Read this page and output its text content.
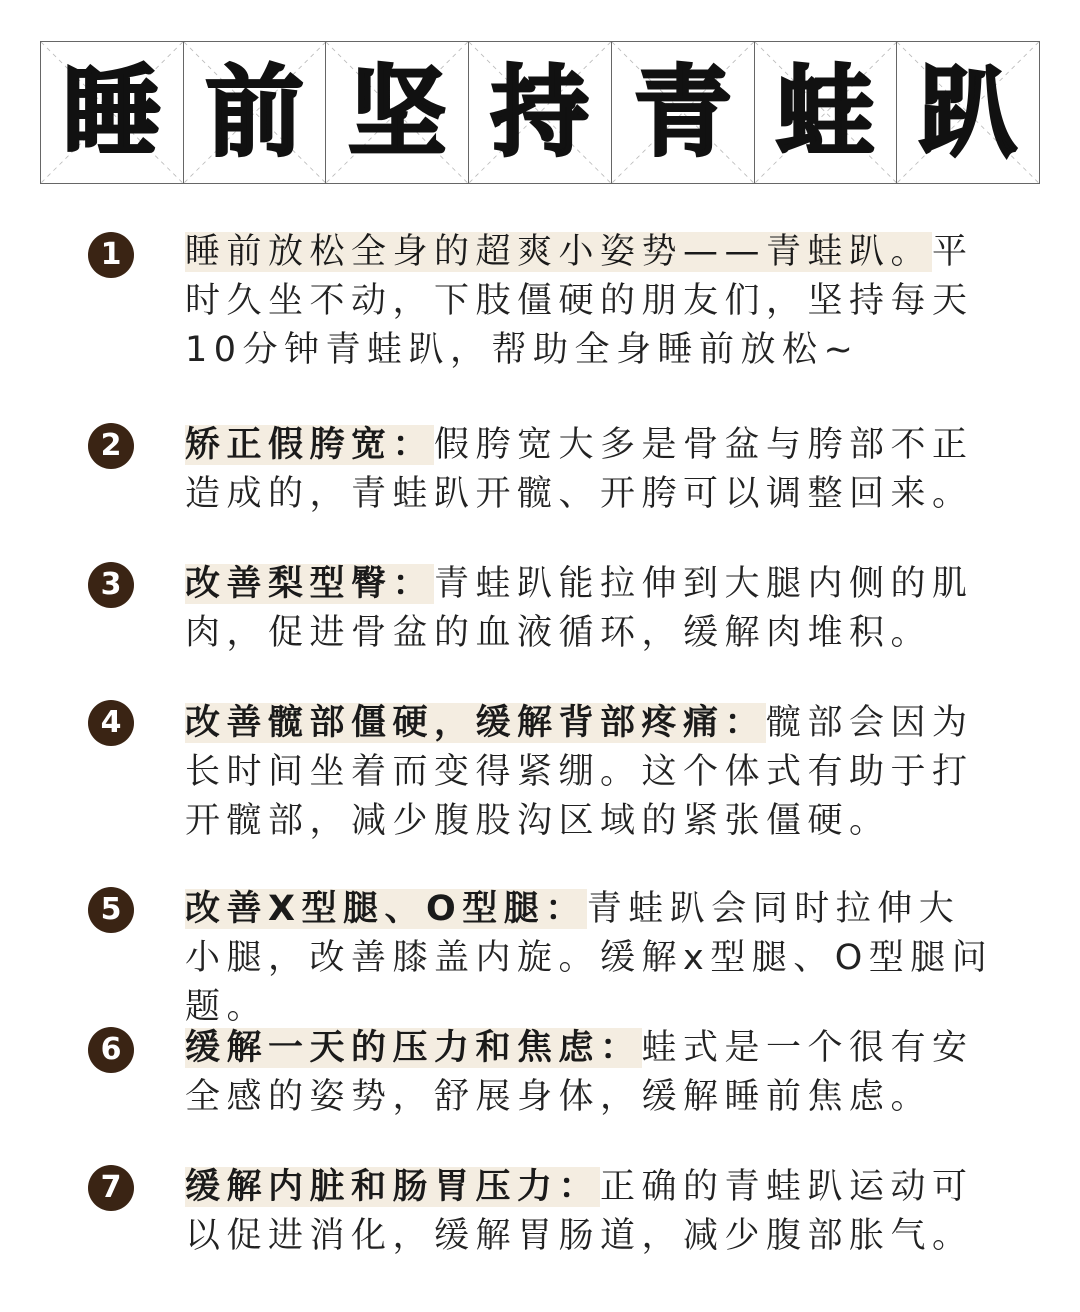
睡 前 坚 持 青 蛙 趴
1	睡前放松全身的超爽小姿势——青蛙趴。平时久坐不动，下肢僵硬的朋友们，坚持每天10分钟青蛙趴，帮助全身睡前放松~
2	矫正假胯宽：假胯宽大多是骨盆与胯部不正造成的，青蛙趴开髋、开胯可以调整回来。
3	改善梨型臀：青蛙趴能拉伸到大腿内侧的肌肉，促进骨盆的血液循环，缓解肉堆积。
4	改善髋部僵硬，缓解背部疼痛：髋部会因为长时间坐着而变得紧绷。这个体式有助于打开髋部，减少腹股沟区域的紧张僵硬。
5	改善X型腿、O型腿：青蛙趴会同时拉伸大小腿，改善膝盖内旋。缓解x型腿、O型腿问题。
6	缓解一天的压力和焦虑：蛙式是一个很有安全感的姿势，舒展身体，缓解睡前焦虑。
7	缓解内脏和肠胃压力：正确的青蛙趴运动可以促进消化，缓解胃肠道，减少腹部胀气。
